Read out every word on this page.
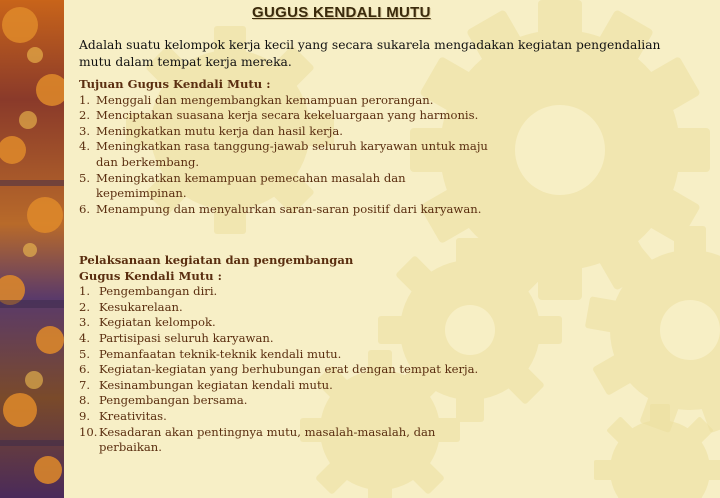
GUGUS KENDALI MUTU
Adalah suatu kelompok kerja kecil yang secara sukarela mengadakan kegiatan pengendalian mutu dalam tempat kerja mereka.
Tujuan Gugus Kendali Mutu :
1. Menggali dan mengembangkan kemampuan perorangan.
2. Menciptakan suasana kerja secara kekeluargaan yang harmonis.
3. Meningkatkan mutu kerja dan hasil kerja.
4. Meningkatkan rasa tanggung-jawab seluruh karyawan untuk maju dan berkembang.
5. Meningkatkan kemampuan pemecahan masalah dan kepemimpinan.
6. Menampung dan menyalurkan saran-saran positif dari karyawan.
Pelaksanaan kegiatan dan pengembangan
Gugus Kendali Mutu :
1. Pengembangan diri.
2. Kesukarelaan.
3. Kegiatan kelompok.
4. Partisipasi seluruh karyawan.
5. Pemanfaatan teknik-teknik kendali mutu.
6. Kegiatan-kegiatan yang berhubungan erat dengan tempat kerja.
7. Kesinambungan kegiatan kendali mutu.
8. Pengembangan bersama.
9. Kreativitas.
10. Kesadaran akan pentingnya mutu, masalah-masalah, dan perbaikan.
